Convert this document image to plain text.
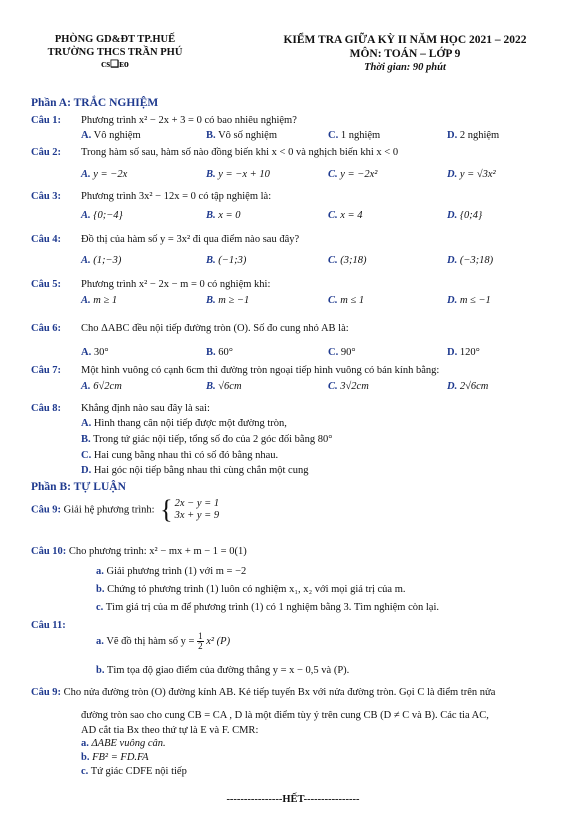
PHÒNG GD&ĐT TP.HUẾ
TRƯỜNG THCS TRẦN PHÚ
ᴄs❑ᴇo
KIỂM TRA GIỮA KỲ II NĂM HỌC 2021 – 2022
MÔN: TOÁN – LỚP 9
Thời gian: 90 phút
Phần A: TRẮC NGHIỆM
Câu 1: Phương trình x² − 2x + 3 = 0 có bao nhiêu nghiệm?
A. Vô nghiệm	B. Vô số nghiệm	C. 1 nghiệm	D. 2 nghiệm
Câu 2: Trong hàm số sau, hàm số nào đồng biến khi x < 0 và nghịch biến khi x < 0
A. y = −2x	B. y = −x + 10	C. y = −2x²	D. y = √3x²
Câu 3: Phương trình 3x² − 12x = 0 có tập nghiệm là:
A. {0;−4}	B. x = 0	C. x = 4	D. {0;4}
Câu 4: Đồ thị của hàm số y = 3x² đi qua điểm nào sau đây?
A. (1;−3)	B. (−1;3)	C. (3;18)	D. (−3;18)
Câu 5: Phương trình x² − 2x − m = 0 có nghiệm khi:
A. m ≥ 1	B. m ≥ −1	C. m ≤ 1	D. m ≤ −1
Câu 6: Cho ΔABC đều nội tiếp đường tròn (O). Số đo cung nhỏ AB là:
A. 30°	B. 60°	C. 90°	D. 120°
Câu 7: Một hình vuông có cạnh 6cm thì đường tròn ngoại tiếp hình vuông có bán kính bằng:
A. 6√2cm	B. √6cm	C. 3√2cm	D. 2√6cm
Câu 8: Khẳng định nào sau đây là sai:
A. Hình thang cân nội tiếp được một đường tròn,
B. Trong tứ giác nội tiếp, tổng số đo của 2 góc đối bằng 80°
C. Hai cung bằng nhau thì có số đó bằng nhau.
D. Hai góc nội tiếp bằng nhau thì cùng chắn một cung
Phần B: TỰ LUẬN
Câu 9: Giải hệ phương trình: { 2x − y = 1
3x + y = 9
Câu 10: Cho phương trình: x² − mx + m − 1 = 0(1)
a. Giải phương trình (1) với m = −2
b. Chứng tỏ phương trình (1) luôn có nghiệm x₁, x₂ với mọi giá trị của m.
c. Tìm giá trị của m để phương trình (1) có 1 nghiệm bằng 3. Tìm nghiệm còn lại.
Câu 11:
a. Vẽ đồ thị hàm số $y = \frac{1}{2} x^2$ (P)
b. Tìm tọa độ giao điểm của đường thẳng y = x − 0,5 và (P).
Câu 9: Cho nửa đường tròn (O) đường kính AB. Kẻ tiếp tuyến Bx với nửa đường tròn. Gọi C là điểm trên nửa
đường tròn sao cho cung CB = CA , D là một điểm tùy ý trên cung CB (D ≠ C và B). Các tia AC,
AD cắt tia Bx theo thứ tự là E và F. CMR:
a. ΔABE vuông cân.
b. FB² = FD.FA
c. Tứ giác CDFE nội tiếp
----------------HẾT----------------
